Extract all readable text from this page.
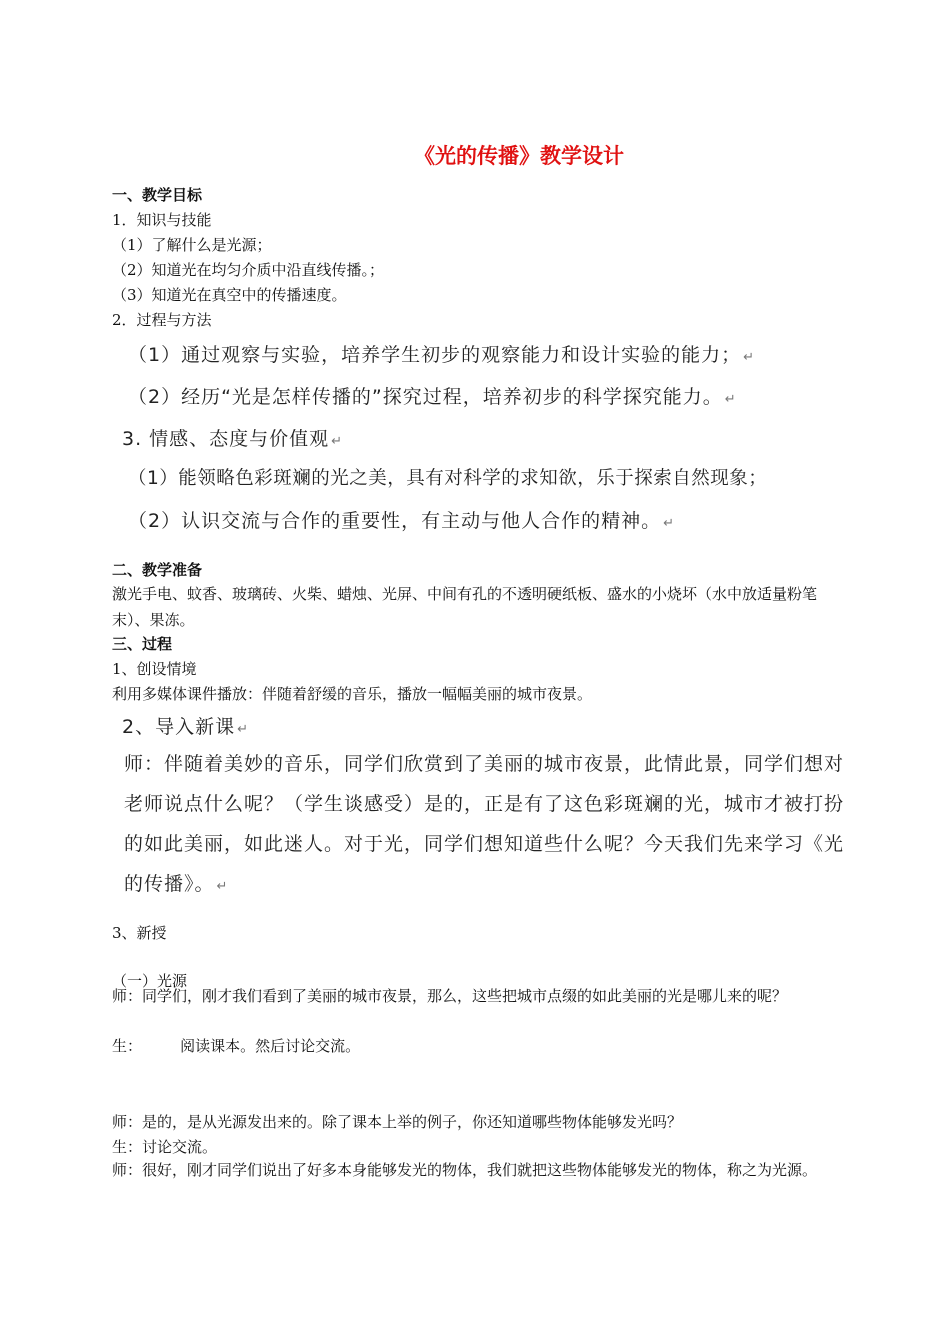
《光的传播》教学设计
一、教学目标
1．知识与技能
（1）了解什么是光源；
（2）知道光在均匀介质中沿直线传播。；
（3）知道光在真空中的传播速度。
2．过程与方法
（1）通过观察与实验，培养学生初步的观察能力和设计实验的能力； ↵
（2）经历“光是怎样传播的”探究过程，培养初步的科学探究能力。 ↵
3. 情感、态度与价值观 ↵
（1）能领略色彩斑斓的光之美，具有对科学的求知欲，乐于探索自然现象；
（2）认识交流与合作的重要性，有主动与他人合作的精神。 ↵
二、教学准备
激光手电、蚊香、玻璃砖、火柴、蜡烛、光屏、中间有孔的不透明硬纸板、盛水的小烧坏（水中放适量粉笔末）、果冻。
三、过程
1、创设情境
利用多媒体课件播放：伴随着舒缓的音乐，播放一幅幅美丽的城市夜景。
2、导入新课 ↵
师：伴随着美妙的音乐，同学们欣赏到了美丽的城市夜景，此情此景，同学们想对老师说点什么呢？（学生谈感受）是的，正是有了这色彩斑斓的光，城市才被打扮的如此美丽，如此迷人。对于光，同学们想知道些什么呢？今天我们先来学习《光的传播》。 ↵
3、新授
（一）光源
师：同学们，刚才我们看到了美丽的城市夜景，那么，这些把城市点缀的如此美丽的光是哪儿来的呢？
生：        阅读课本。然后讨论交流。
师：是的，是从光源发出来的。除了课本上举的例子，你还知道哪些物体能够发光吗？
生：讨论交流。
师：很好，刚才同学们说出了好多本身能够发光的物体，我们就把这些物体能够发光的物体，称之为光源。
